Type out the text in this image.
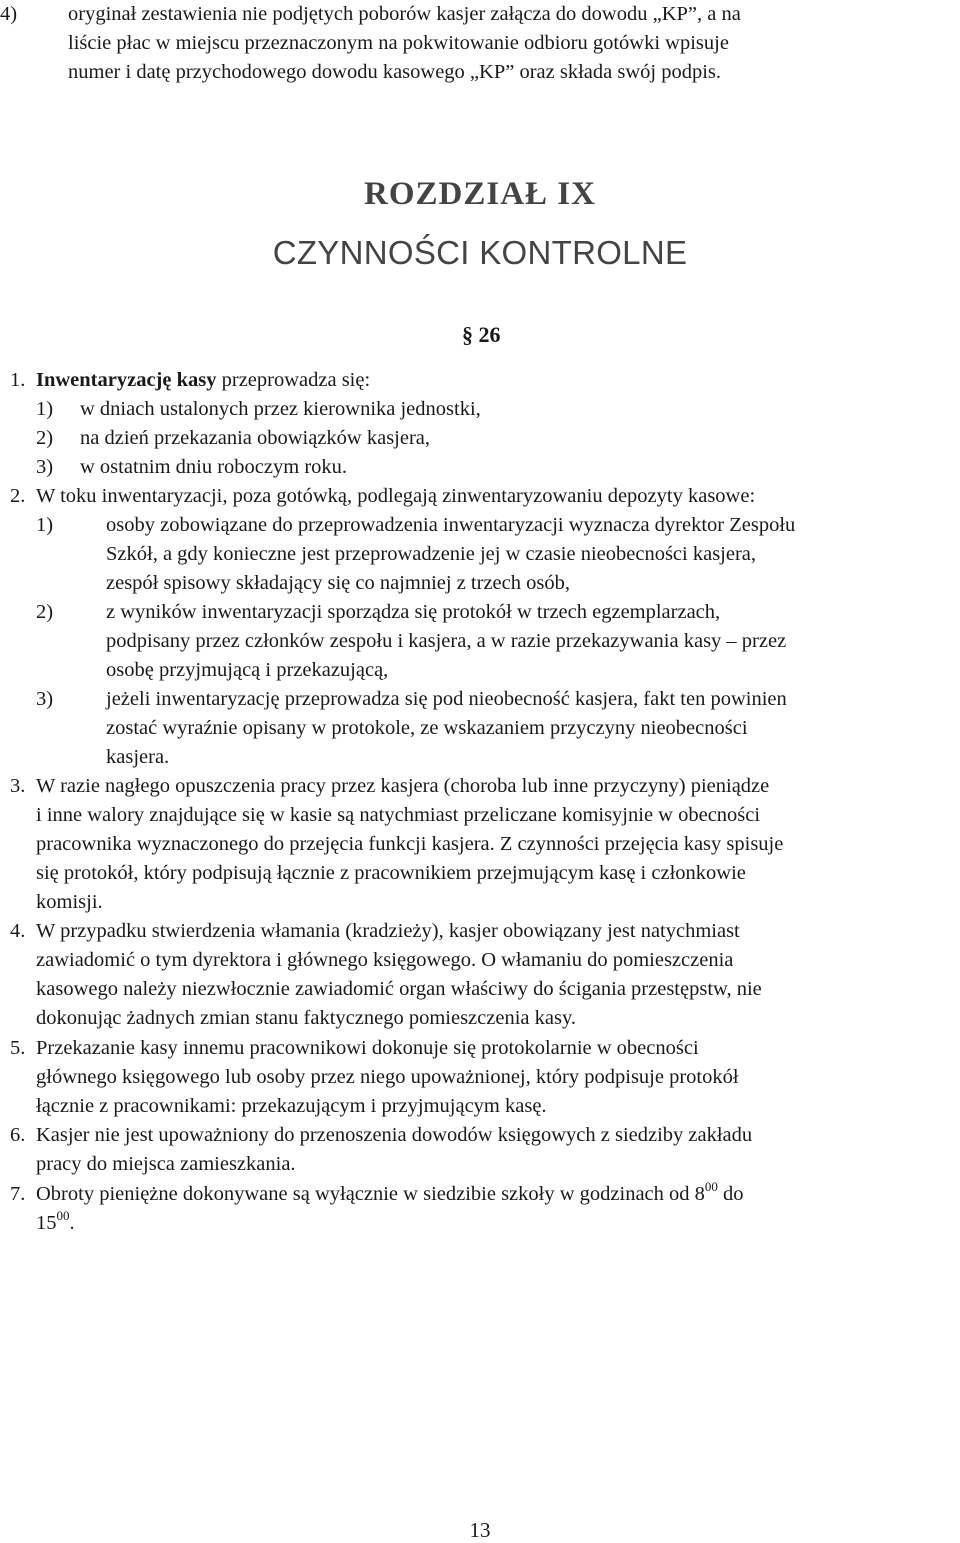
4) oryginał zestawienia nie podjętych poborów kasjer załącza do dowodu „KP”, a na
liście płac w miejscu przeznaczonym na pokwitowanie odbioru gotówki wpisuje
numer i datę przychodowego dowodu kasowego „KP” oraz składa swój podpis.
ROZDZIAŁ IX
CZYNNOŚCI KONTROLNE
§ 26
1. Inwentaryzację kasy przeprowadza się:
1) w dniach ustalonych przez kierownika jednostki,
2) na dzień przekazania obowiązków kasjera,
3) w ostatnim dniu roboczym roku.
2. W toku inwentaryzacji, poza gotówką, podlegają zinwentaryzowaniu depozyty kasowe:
1)	osoby zobowiązane do przeprowadzenia inwentaryzacji wyznacza dyrektor Zespołu
Szkół, a gdy konieczne jest przeprowadzenie jej w czasie nieobecności kasjera,
zespół spisowy składający się co najmniej z trzech osób,
2)	z wyników inwentaryzacji sporządza się protokół w trzech egzemplarzach,
podpisany przez członków zespołu i kasjera, a w razie przekazywania kasy – przez
osobę przyjmującą i przekazującą,
3)	jeżeli inwentaryzację przeprowadza się pod nieobecność kasjera, fakt ten powinien
zostać wyraźnie opisany w protokole, ze wskazaniem przyczyny nieobecności
kasjera.
3. W razie nagłego opuszczenia pracy przez kasjera (choroba lub inne przyczyny) pieniądze
i inne walory znajdujące się w kasie są natychmiast przeliczane komisyjnie w obecności
pracownika wyznaczonego do przejęcia funkcji kasjera. Z czynności przejęcia kasy spisuje
się protokół, który podpisują łącznie z pracownikiem przejmującym kasę i członkowie
komisji.
4. W przypadku stwierdzenia włamania (kradzieży), kasjer obowiązany jest natychmiast
zawiadomić o tym dyrektora i głównego księgowego. O włamaniu do pomieszczenia
kasowego należy niezwłocznie zawiadomić organ właściwy do ścigania przestępstw, nie
dokonując żadnych zmian stanu faktycznego pomieszczenia kasy.
5. Przekazanie kasy innemu pracownikowi dokonuje się protokolarnie w obecności
głównego księgowego lub osoby przez niego upoważnionej, który podpisuje protokół
łącznie z pracownikami: przekazującym i przyjmującym kasę.
6. Kasjer nie jest upoważniony do przenoszenia dowodów księgowych z siedziby zakładu
pracy do miejsca zamieszkania.
7. Obroty pieniężne dokonywane są wyłącznie w siedzibie szkoły w godzinach od $8^{00}$ do
$15^{00}$.
13
